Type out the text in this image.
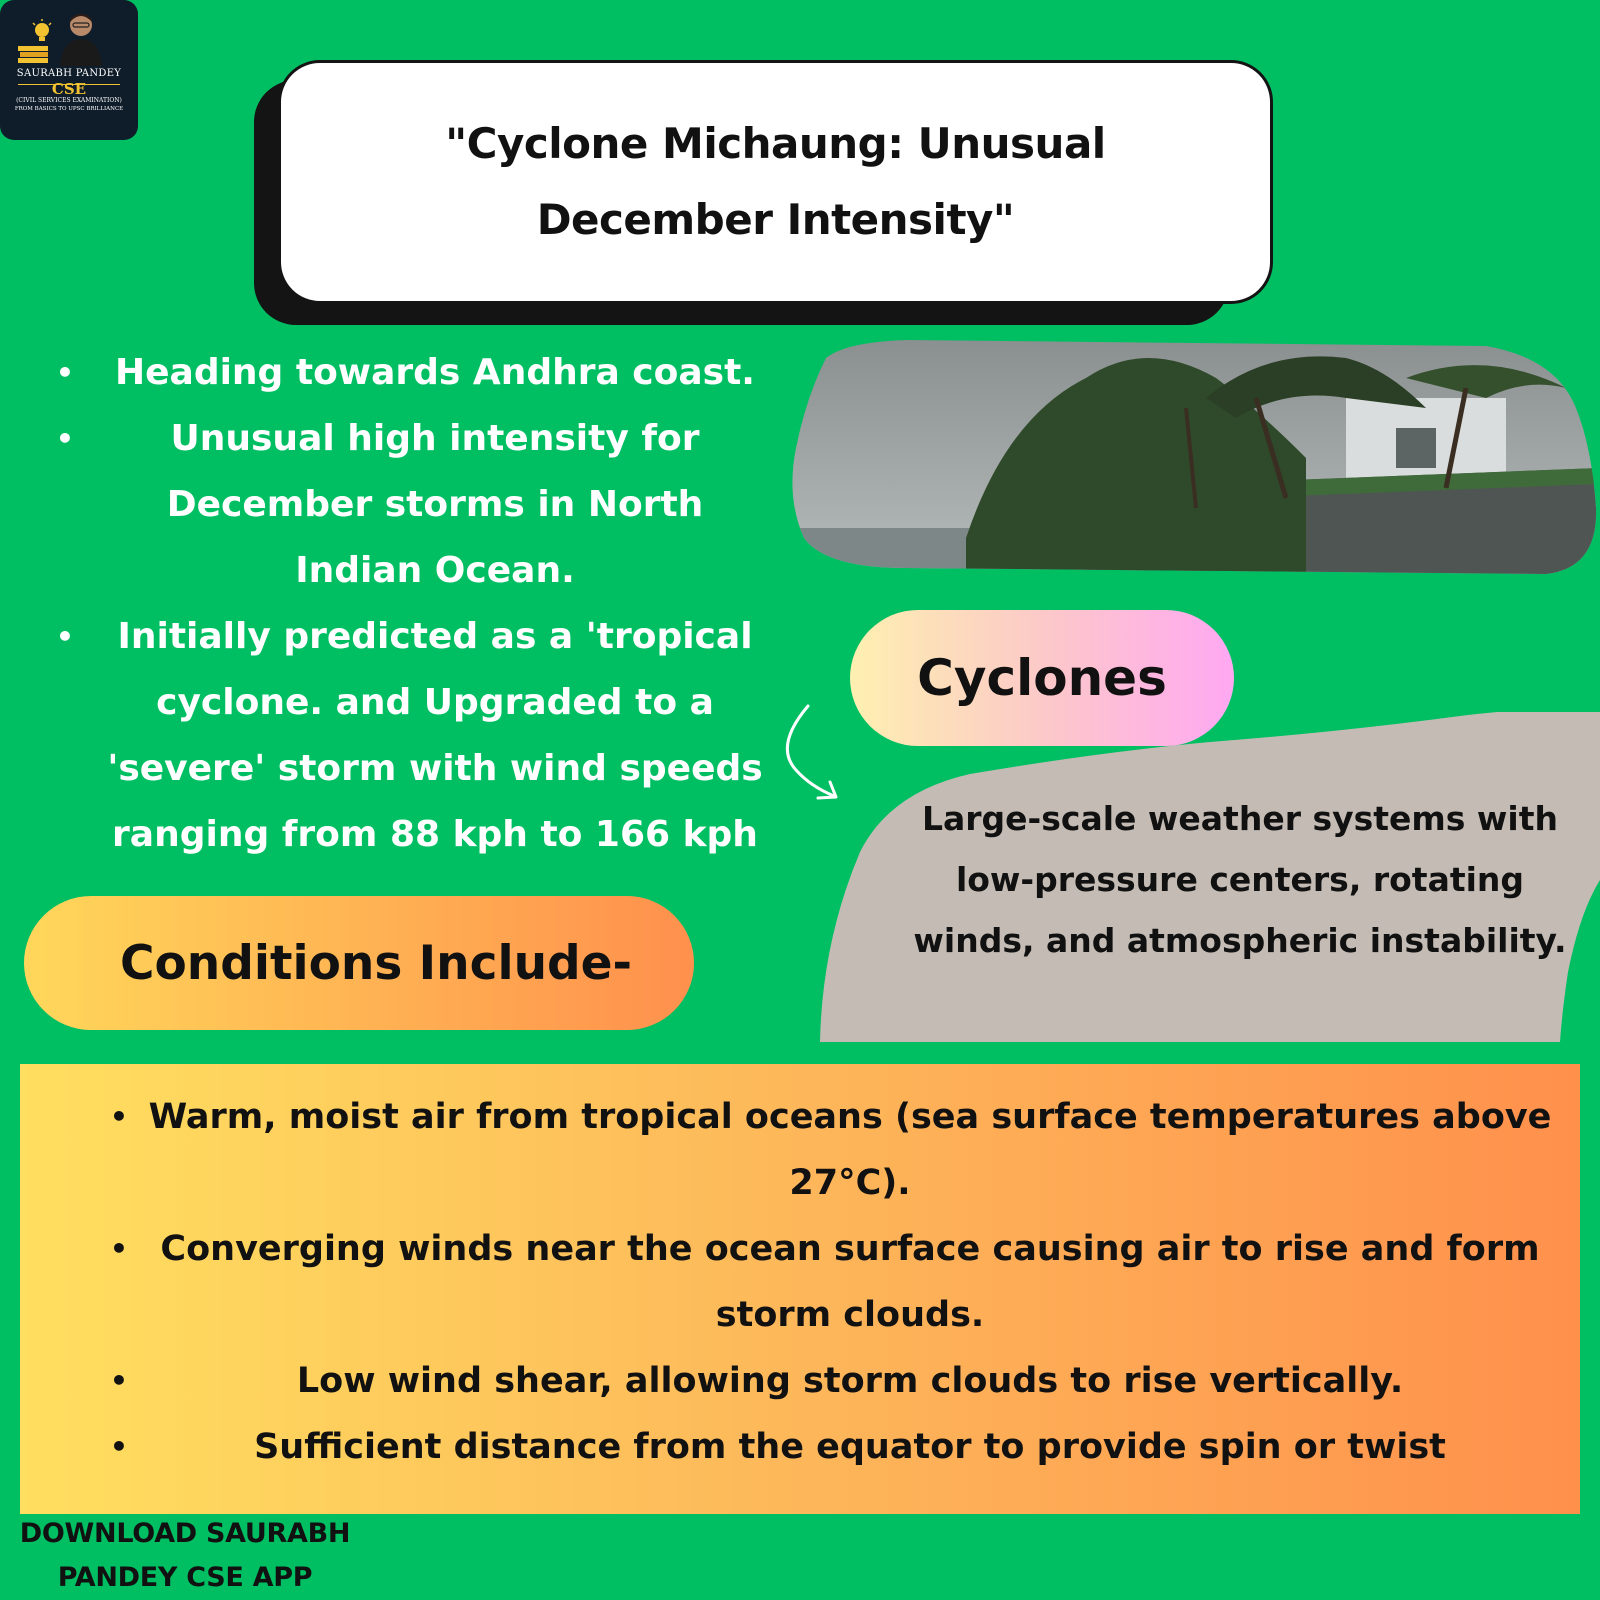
SAURABH PANDEY
CSE
(CIVIL SERVICES EXAMINATION)
FROM BASICS TO UPSC BRILLIANCE
"Cyclone Michaung: Unusual December Intensity"
• Heading towards Andhra coast.
• Unusual high intensity for December storms in North Indian Ocean.
• Initially predicted as a 'tropical cyclone. and Upgraded to a 'severe' storm with wind speeds ranging from 88 kph to 166 kph
Cyclones
Large-scale weather systems with low-pressure centers, rotating winds, and atmospheric instability.
Conditions Include-
• Warm, moist air from tropical oceans (sea surface temperatures above 27°C).
• Converging winds near the ocean surface causing air to rise and form storm clouds.
• Low wind shear, allowing storm clouds to rise vertically.
• Sufficient distance from the equator to provide spin or twist
DOWNLOAD SAURABH PANDEY CSE APP
